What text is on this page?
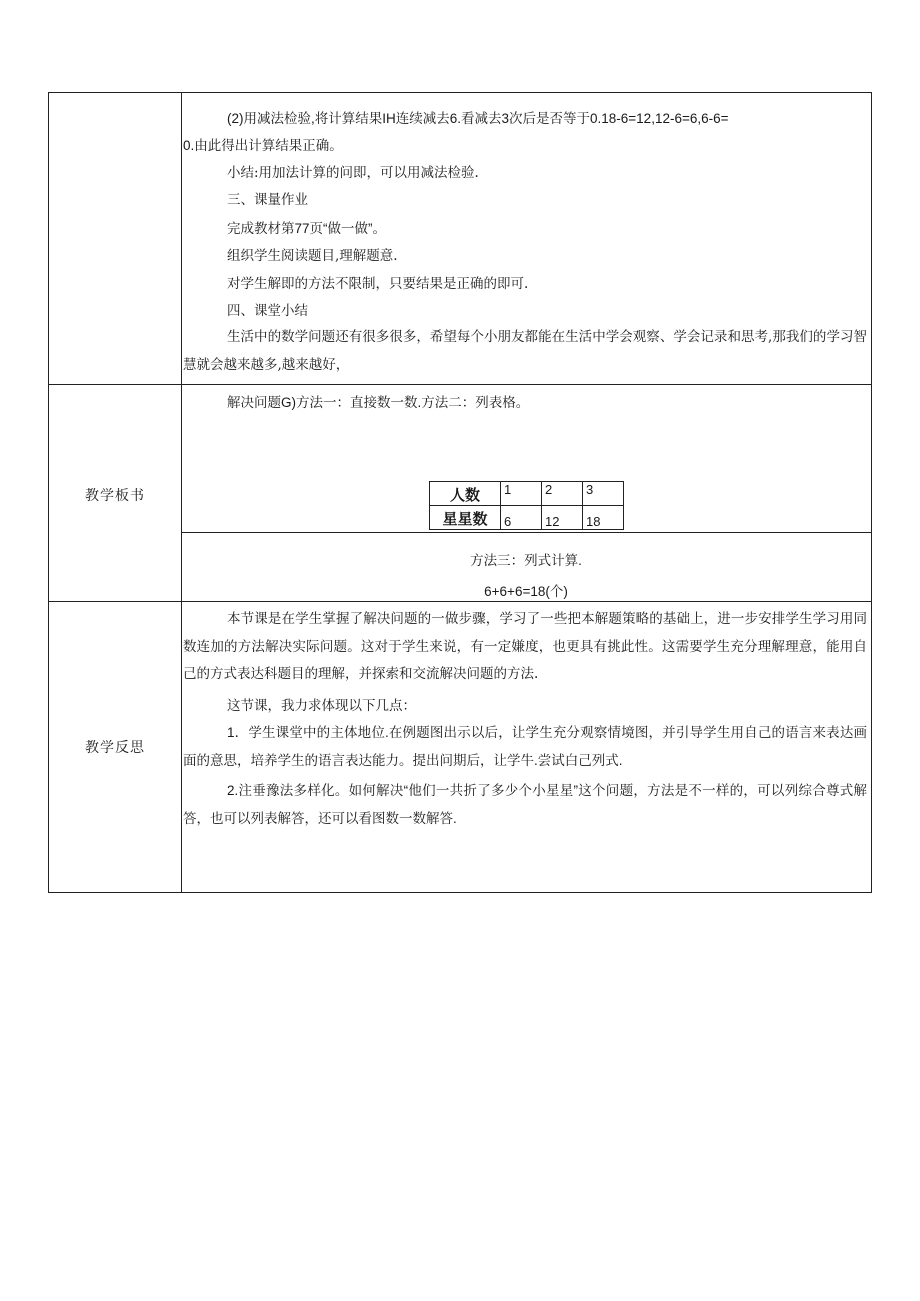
(2)用减法检验,将计算结果IH连续减去6.看减去3次后是否等于0.18-6=12,12-6=6,6-6=
0.由此得出计算结果正确。
小结:用加法计算的问即，可以用减法检验.
三、课量作业
完成教材第77页“做一做”。
组织学生阅读题目,理解题意.
对学生解即的方法不限制，只要结果是正确的即可.
四、课堂小结
生活中的数学问题还有很多很多，希望每个小朋友都能在生活中学会观察、学会记录和思考,那我们的学习智慧就会越来越多,越来越好，
教学板书
解决问题G)方法一：直接数一数.方法二：列表格。
方法三：列式计算.
6+6+6=18(个)
教学反思
本节课是在学生掌握了解决问题的一做步骤，学习了一些把本解题策略的基础上，进一步安排学生学习用同数连加的方法解决实际问题。这对于学生来说，有一定嫌度，也更具有挑此性。这需要学生充分理解理意，能用自己的方式表达科题目的理解，并探索和交流解决问题的方法.
这节课，我力求体现以下几点：
1．学生课堂中的主体地位.在例题图出示以后，让学生充分观察情境图，并引导学生用自己的语言来表达画面的意思，培养学生的语言表达能力。提出问期后，让学牛.尝试白己列式.
2.注垂豫法多样化。如何解决“他们一共折了多少个小星星”这个问题，方法是不一样的，可以列综合尊式解答，也可以列表解答，还可以看图数一数解答.
人数	1	2	3
星星数	6	12	18
